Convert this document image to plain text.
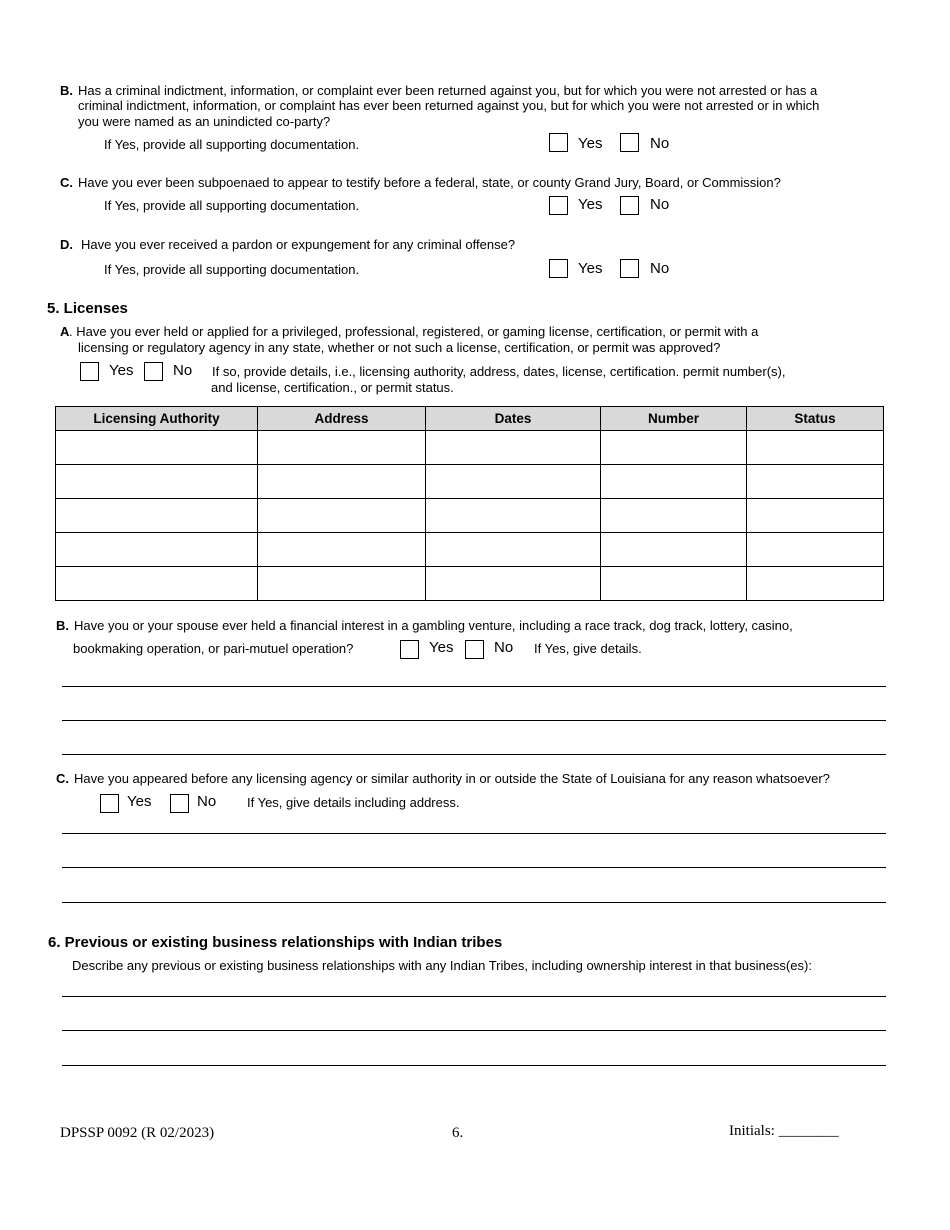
B. Has a criminal indictment, information, or complaint ever been returned against you, but for which you were not arrested or has a
criminal indictment, information, or complaint has ever been returned against you, but for which you were not arrested or in which
you were named as an unindicted co-party?
If Yes, provide all supporting documentation.	Yes	No
C. Have you ever been subpoenaed to appear to testify before a federal, state, or county Grand Jury, Board, or Commission?
If Yes, provide all supporting documentation.	Yes	No
D. Have you ever received a pardon or expungement for any criminal offense?
If Yes, provide all supporting documentation.	Yes	No
5. Licenses
A . Have you ever held or applied for a privileged, professional, registered, or gaming license, certification, or permit with a
licensing or regulatory agency in any state, whether or not such a license, certification, or permit was approved?
Yes	No If so, provide details, i.e., licensing authority, address, dates, license, certification. permit number(s),
and license, certification., or permit status.
Licensing Authority	Address	Dates	Number	Status

B. Have you or your spouse ever held a financial interest in a gambling venture, including a race track, dog track, lottery, casino,
bookmaking operation, or pari-mutuel operation?	Yes	No If Yes, give details.
C. Have you appeared before any licensing agency or similar authority in or outside the State of Louisiana for any reason whatsoever?
Yes	No If Yes, give details including address.
6. Previous or existing business relationships with Indian tribes
Describe any previous or existing business relationships with any Indian Tribes, including ownership interest in that business(es):
DPSSP 0092 (R 02/2023)	6.	Initials: ________
